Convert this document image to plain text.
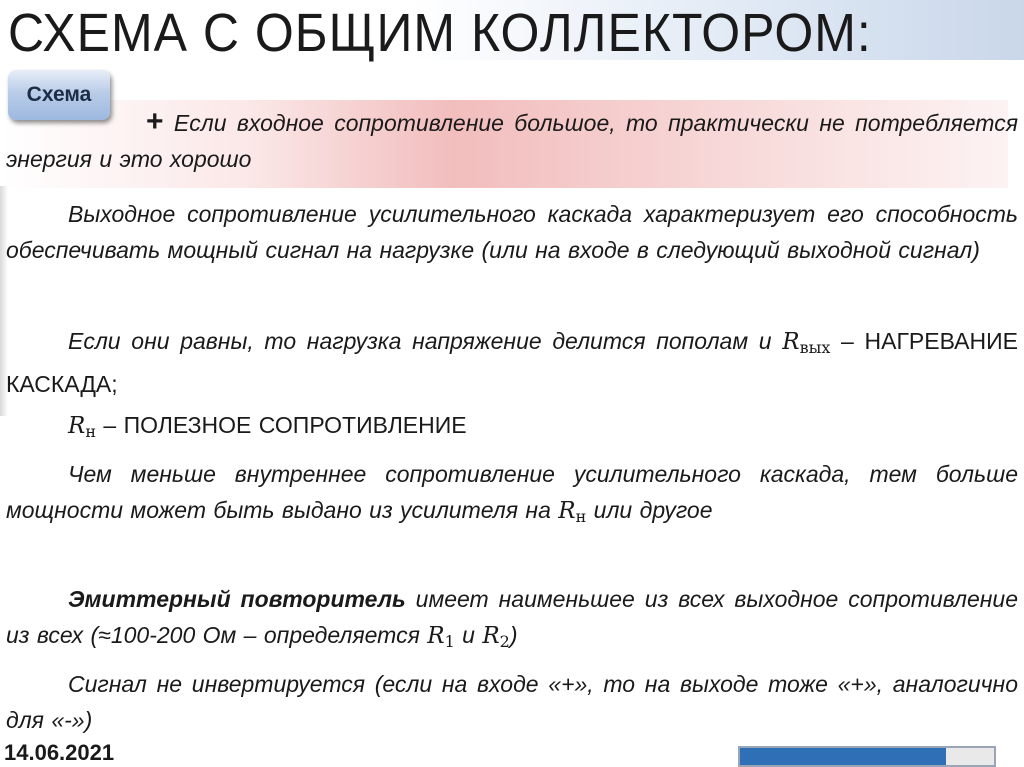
СХЕМА С ОБЩИМ КОЛЛЕКТОРОМ:
Схема
+ Если входное сопротивление большое, то практически не потребляется энергия и это хорошо
Выходное сопротивление усилительного каскада характеризует его способность обеспечивать мощный сигнал на нагрузке (или на входе в следующий выходной сигнал)
Если они равны, то нагрузка напряжение делится пополам и Rвых – НАГРЕВАНИЕ КАСКАДА;
Rн – ПОЛЕЗНОЕ СОПРОТИВЛЕНИЕ
Чем меньше внутреннее сопротивление усилительного каскада, тем больше мощности может быть выдано из усилителя на Rн или другое
Эмиттерный повторитель имеет наименьшее из всех выходное сопротивление из всех (≈100-200 Ом – определяется R1 и R2)
Сигнал не инвертируется (если на входе «+», то на выходе тоже «+», аналогично для «-»)
14.06.2021
